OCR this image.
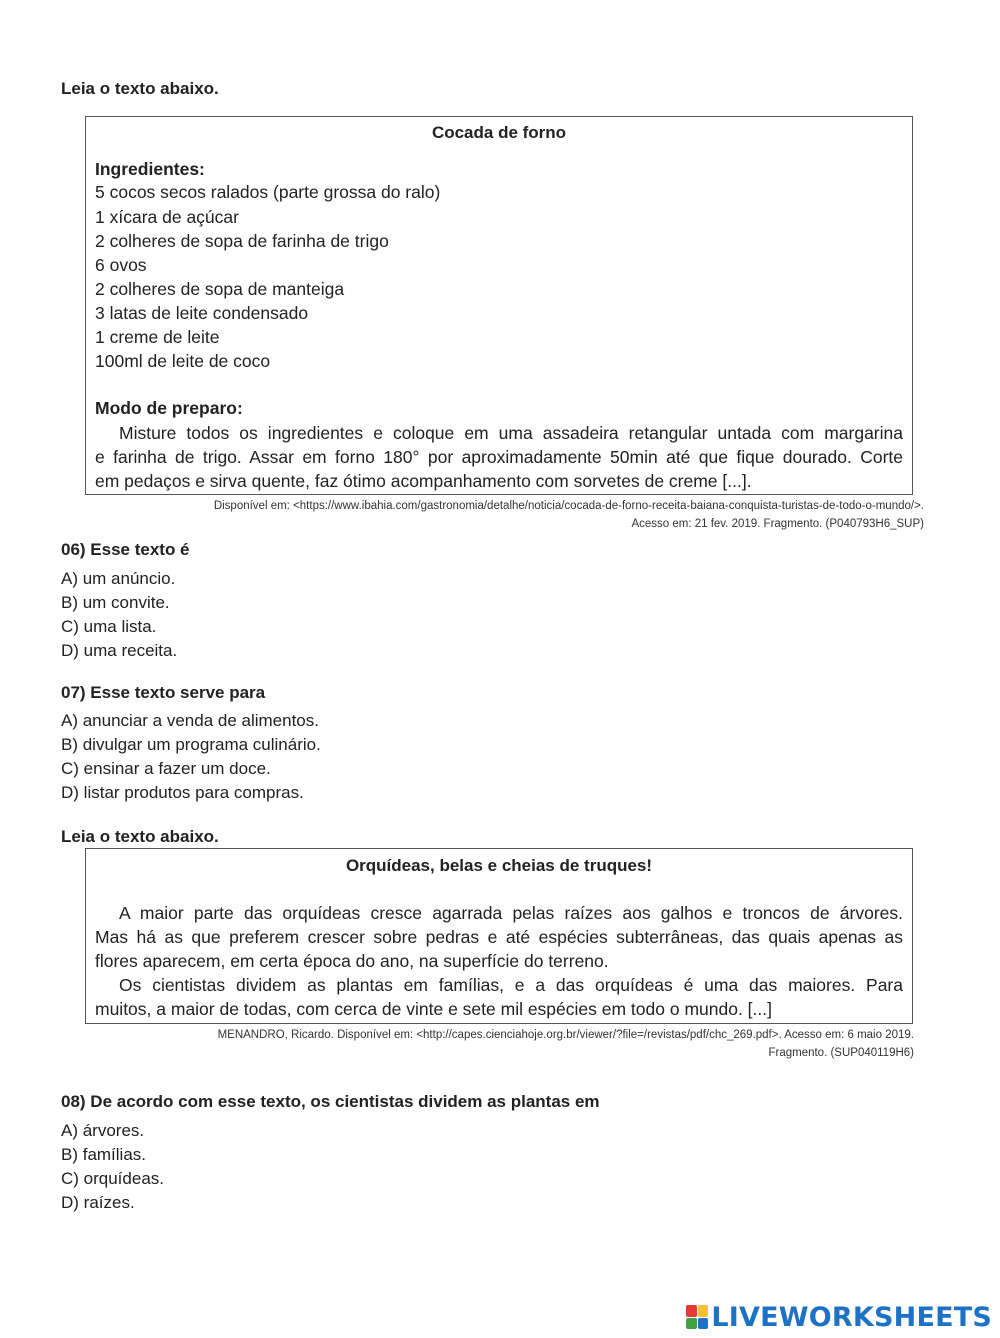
Leia o texto abaixo.
Cocada de forno
Ingredientes:
5 cocos secos ralados (parte grossa do ralo)
1 xícara de açúcar
2 colheres de sopa de farinha de trigo
6 ovos
2 colheres de sopa de manteiga
3 latas de leite condensado
1 creme de leite
100ml de leite de coco
Modo de preparo:
Misture todos os ingredientes e coloque em uma assadeira retangular untada com margarina
e farinha de trigo. Assar em forno 180° por aproximadamente 50min até que fique dourado. Corte
em pedaços e sirva quente, faz ótimo acompanhamento com sorvetes de creme [...].
Disponível em: <https://www.ibahia.com/gastronomia/detalhe/noticia/cocada-de-forno-receita-baiana-conquista-turistas-de-todo-o-mundo/>.
Acesso em: 21 fev. 2019. Fragmento. (P040793H6_SUP)
06) Esse texto é
A) um anúncio.
B) um convite.
C) uma lista.
D) uma receita.
07) Esse texto serve para
A) anunciar a venda de alimentos.
B) divulgar um programa culinário.
C) ensinar a fazer um doce.
D) listar produtos para compras.
Leia o texto abaixo.
Orquídeas, belas e cheias de truques!
A maior parte das orquídeas cresce agarrada pelas raízes aos galhos e troncos de árvores.
Mas há as que preferem crescer sobre pedras e até espécies subterrâneas, das quais apenas as
flores aparecem, em certa época do ano, na superfície do terreno.
Os cientistas dividem as plantas em famílias, e a das orquídeas é uma das maiores. Para
muitos, a maior de todas, com cerca de vinte e sete mil espécies em todo o mundo. [...]
MENANDRO, Ricardo. Disponível em: <http://capes.cienciahoje.org.br/viewer/?file=/revistas/pdf/chc_269.pdf>. Acesso em: 6 maio 2019.
Fragmento. (SUP040119H6)
08) De acordo com esse texto, os cientistas dividem as plantas em
A) árvores.
B) famílias.
C) orquídeas.
D) raízes.
LIVEWORKSHEETS
